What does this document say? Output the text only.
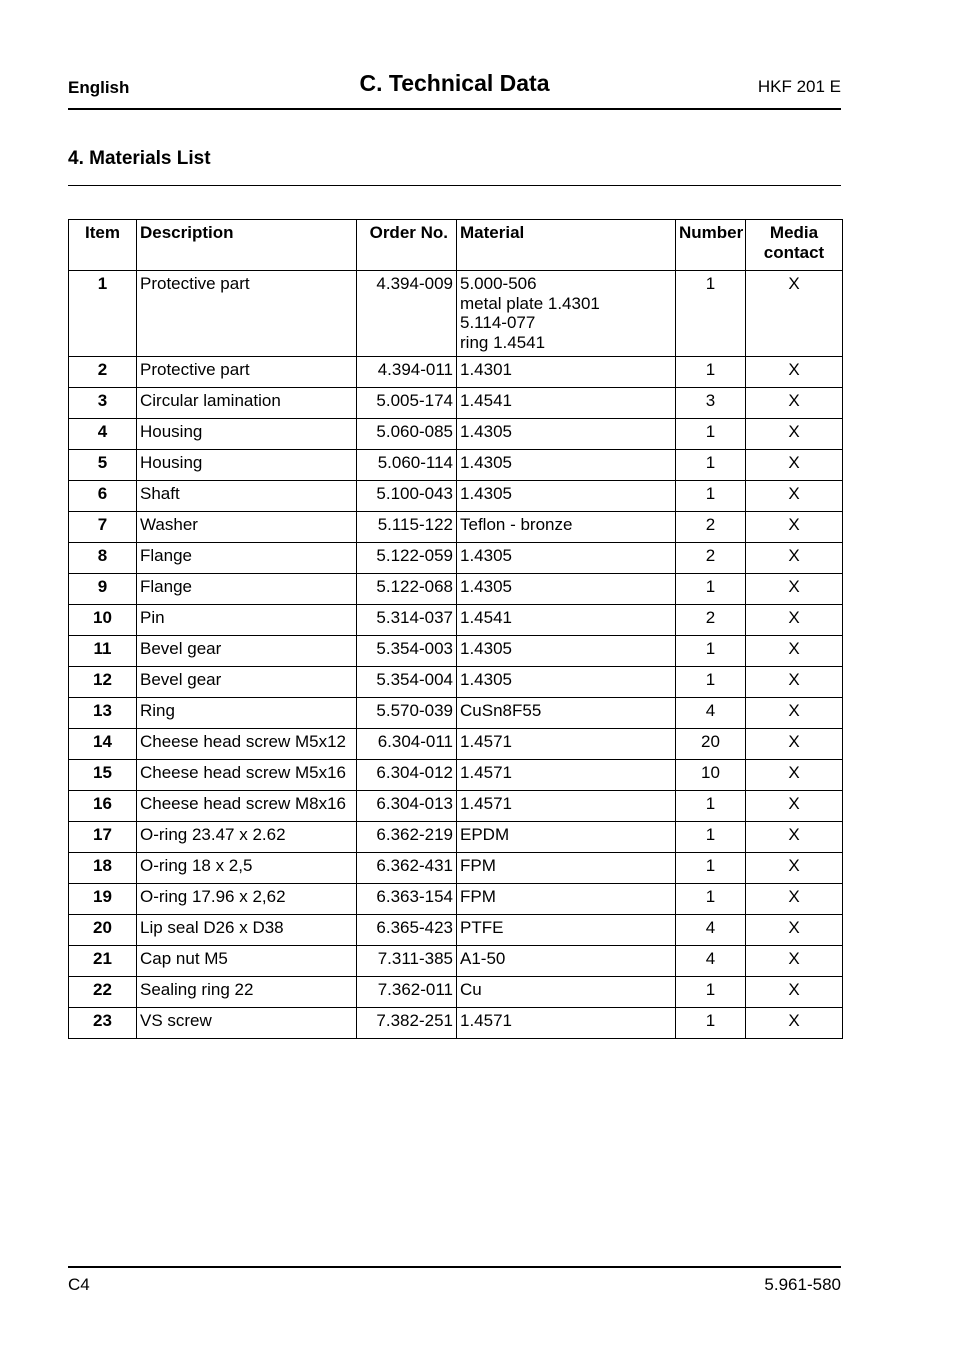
English	C. Technical Data	HKF 201 E
4. Materials List
Item	Description	Order No.	Material	Number	Media
contact
1	Protective part	4.394-009	5.000-506
metal plate 1.4301
5.114-077
ring 1.4541	1	X
2	Protective part	4.394-011	1.4301	1	X
3	Circular lamination	5.005-174	1.4541	3	X
4	Housing	5.060-085	1.4305	1	X
5	Housing	5.060-114	1.4305	1	X
6	Shaft	5.100-043	1.4305	1	X
7	Washer	5.115-122	Teflon - bronze	2	X
8	Flange	5.122-059	1.4305	2	X
9	Flange	5.122-068	1.4305	1	X
10	Pin	5.314-037	1.4541	2	X
11	Bevel gear	5.354-003	1.4305	1	X
12	Bevel gear	5.354-004	1.4305	1	X
13	Ring	5.570-039	CuSn8F55	4	X
14	Cheese head screw M5x12	6.304-011	1.4571	20	X
15	Cheese head screw M5x16	6.304-012	1.4571	10	X
16	Cheese head screw M8x16	6.304-013	1.4571	1	X
17	O-ring 23.47 x 2.62	6.362-219	EPDM	1	X
18	O-ring 18 x 2,5	6.362-431	FPM	1	X
19	O-ring 17.96 x 2,62	6.363-154	FPM	1	X
20	Lip seal D26 x D38	6.365-423	PTFE	4	X
21	Cap nut M5	7.311-385	A1-50	4	X
22	Sealing ring 22	7.362-011	Cu	1	X
23	VS screw	7.382-251	1.4571	1	X
C4	5.961-580
